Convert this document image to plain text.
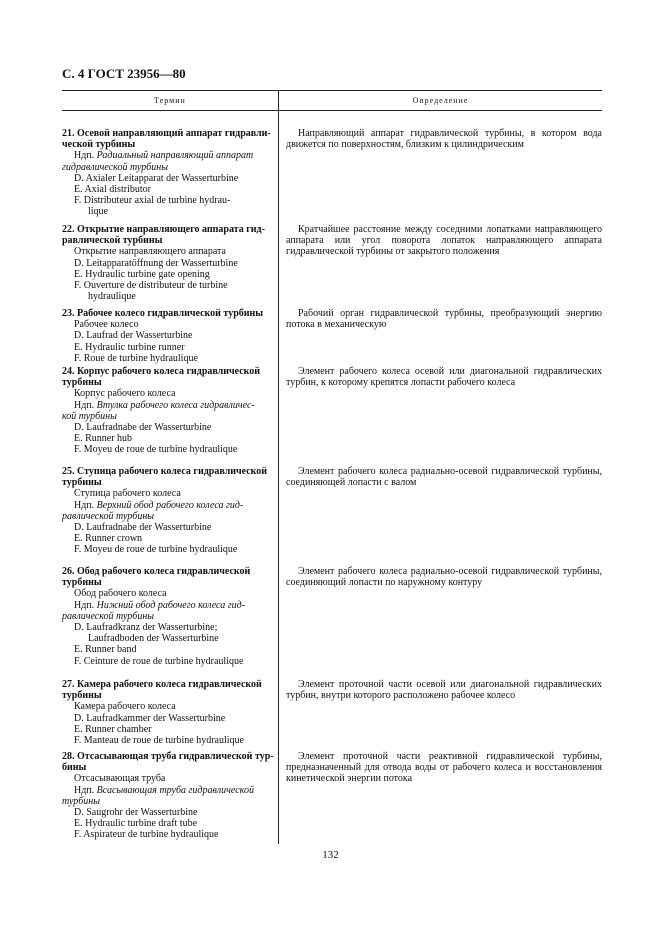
С. 4 ГОСТ 23956—80
Термин	Определение
21. Осевой направляющий аппарат гидравли-
ческой турбины
Ндп. Радиальный направляющий аппарат
гидравлической турбины
D. Axialer Leitapparat der Wasserturbine
E. Axial distributor
F. Distributeur axial de turbine hydrau-
lique
Направляющий аппарат гидравлической турбины, в котором вода движется по поверхностям, близким к цилиндрическим
22. Открытие направляющего аппарата гид-
равлической турбины
Открытие направляющего аппарата
D. Leitapparatöffnung der Wasserturbine
E. Hydraulic turbine gate opening
F. Ouverture de distributeur de turbine
hydraulique
Кратчайшее расстояние между соседними лопатками направляющего аппарата или угол поворота лопаток направляющего аппарата гидравлической турбины от закрытого положения
23. Рабочее колесо гидравлической турбины
Рабочее колесо
D. Laufrad der Wasserturbine
E. Hydraulic turbine runner
F. Roue de turbine hydraulique
Рабочий орган гидравлической турбины, преобразующий энергию потока в механическую
24. Корпус рабочего колеса гидравлической
турбины
Корпус рабочего колеса
Ндп. Втулка рабочего колеса гидравличес-
кой турбины
D. Laufradnabe der Wasserturbine
E. Runner hub
F. Moyeu de roue de turbine hydraulique
Элемент рабочего колеса осевой или диагональной гидравлических турбин, к которому крепятся лопасти рабочего колеса
25. Ступица рабочего колеса гидравлической
турбины
Ступица рабочего колеса
Ндп. Верхний обод рабочего колеса гид-
равлической турбины
D. Laufradnabe der Wasserturbine
E. Runner crown
F. Moyeu de roue de turbine hydraulique
Элемент рабочего колеса радиально-осевой гидравлической турбины, соединяющей лопасти с валом
26. Обод рабочего колеса гидравлической
турбины
Обод рабочего колеса
Ндп. Нижний обод рабочего колеса гид-
равлической турбины
D. Laufradkranz der Wasserturbine;
Laufradboden der Wasserturbine
E. Runner band
F. Ceinture de roue de turbine hydraulique
Элемент рабочего колеса радиально-осевой гидравлической турбины, соединяющий лопасти по наружному контуру
27. Камера рабочего колеса гидравлической
турбины
Камера рабочего колеса
D. Laufradkammer der Wasserturbine
E. Runner chamber
F. Manteau de roue de turbine hydraulique
Элемент проточной части осевой или диагональной гидравлических турбин, внутри которого расположено рабочее колесо
28. Отсасывающая труба гидравлической тур-
бины
Отсасывающая труба
Ндп. Всасывающая труба гидравлической
турбины
D. Saugrohr der Wasserturbine
E. Hydraulic turbine draft tube
F. Aspirateur de turbine hydraulique
Элемент проточной части реактивной гидравлической турбины, предназначенный для отвода воды от рабочего колеса и восстановления кинетической энергии потока
132
